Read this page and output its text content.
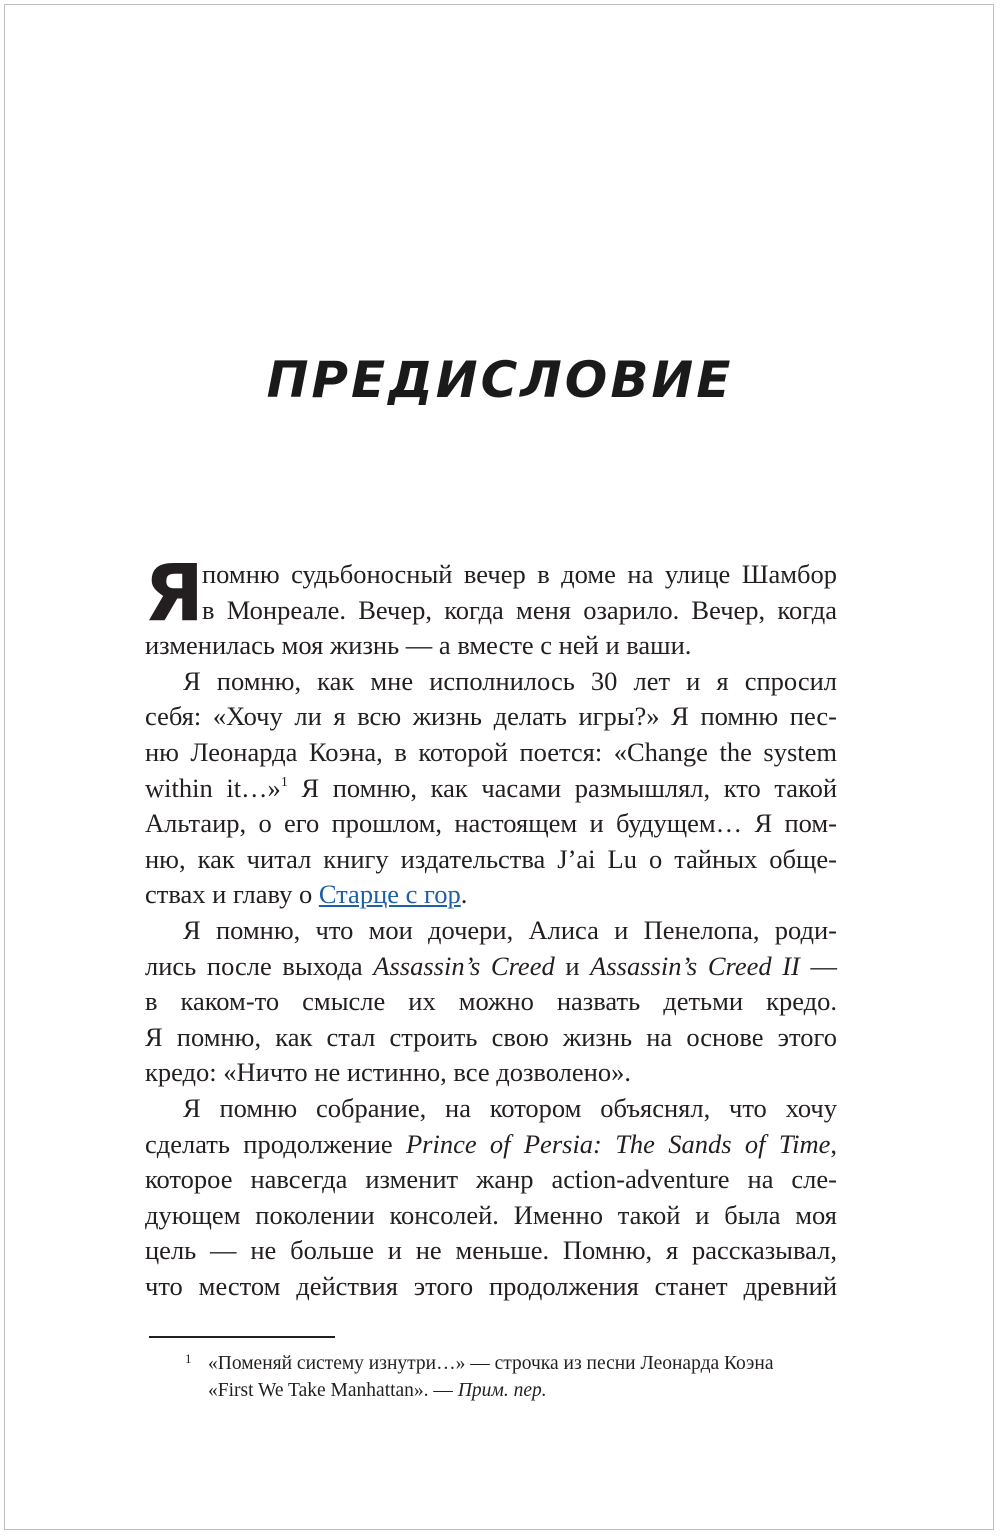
ПРЕДИСЛОВИЕ
Я
помню судьбоносный вечер в доме на улице Шамбор
в Монреале. Вечер, когда меня озарило. Вечер, когда
изменилась моя жизнь — а вместе с ней и ваши.
Я помню, как мне исполнилось 30 лет и я спросил
себя: «Хочу ли я всю жизнь делать игры?» Я помню пес-
ню Леонарда Коэна, в которой поется: «Change the system
within it…»$^1$ Я помню, как часами размышлял, кто такой
Альтаир, о его прошлом, настоящем и будущем… Я пом-
ню, как читал книгу издательства J’ai Lu о тайных обще-
ствах и главу о Старце с гор.
Я помню, что мои дочери, Алиса и Пенелопа, роди-
лись после выхода Assassin’s Creed и Assassin’s Creed II —
в каком-то смысле их можно назвать детьми кредо.
Я помню, как стал строить свою жизнь на основе этого
кредо: «Ничто не истинно, все дозволено».
Я помню собрание, на котором объяснял, что хочу
сделать продолжение Prince of Persia: The Sands of Time,
которое навсегда изменит жанр action-adventure на сле-
дующем поколении консолей. Именно такой и была моя
цель — не больше и не меньше. Помню, я рассказывал,
что местом действия этого продолжения станет древний
1 «Поменяй систему изнутри…» — строчка из песни Леонарда Коэна
«First We Take Manhattan». — Прим. пер.
